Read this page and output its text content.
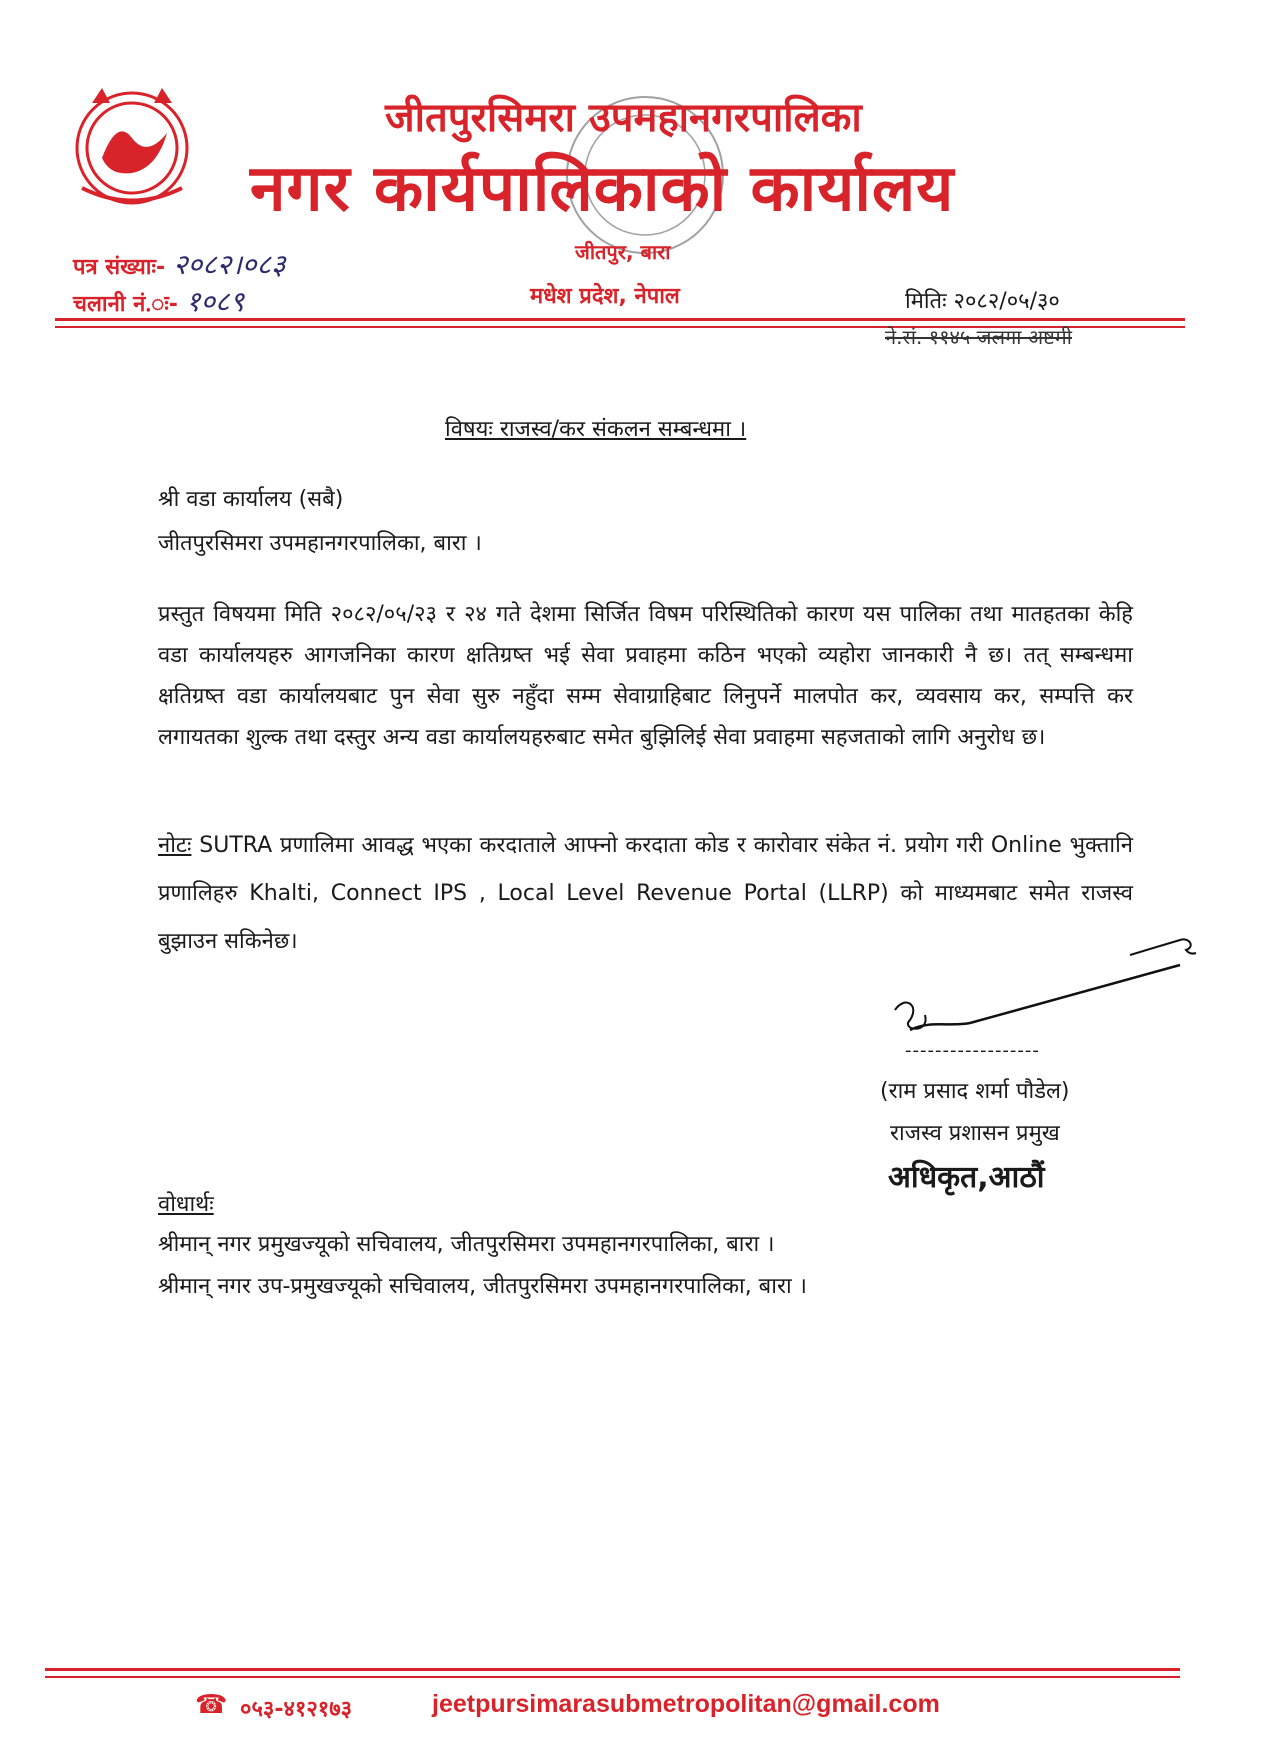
जीतपुरसिमरा उपमहानगरपालिका
नगर कार्यपालिकाको कार्यालय
जीतपुर, बारा
मधेश प्रदेश, नेपाल
पत्र संख्याः- २०८२।०८३
चलानी नं.ः- १०८९	मितिः २०८२/०५/३०
ने.सं. ११४५ जलगा अष्टमी
विषयः राजस्व/कर संकलन सम्बन्धमा ।
श्री वडा कार्यालय (सबै)
जीतपुरसिमरा उपमहानगरपालिका, बारा ।
प्रस्तुत विषयमा मिति २०८२/०५/२३ र २४ गते देशमा सिर्जित विषम परिस्थितिको कारण यस पालिका तथा मातहतका केहि वडा कार्यालयहरु आगजनिका कारण क्षतिग्रष्त भई सेवा प्रवाहमा कठिन भएको व्यहोरा जानकारी नै छ। तत् सम्बन्धमा क्षतिग्रष्त वडा कार्यालयबाट पुन सेवा सुरु नहुँदा सम्म सेवाग्राहिबाट लिनुपर्ने मालपोत कर, व्यवसाय कर, सम्पत्ति कर लगायतका शुल्क तथा दस्तुर अन्य वडा कार्यालयहरुबाट समेत बुझिलिई सेवा प्रवाहमा सहजताको लागि अनुरोध छ।
नोटः SUTRA प्रणालिमा आवद्ध भएका करदाताले आफ्नो करदाता कोड र कारोवार संकेत नं. प्रयोग गरी Online भुक्तानि प्रणालिहरु Khalti, Connect IPS , Local Level Revenue Portal (LLRP) को माध्यमबाट समेत राजस्व बुझाउन सकिनेछ।
------------------
(राम प्रसाद शर्मा पौडेल)
राजस्व प्रशासन प्रमुख
अधिकृत,आठौं
वोधार्थः
श्रीमान् नगर प्रमुखज्यूको सचिवालय, जीतपुरसिमरा उपमहानगरपालिका, बारा ।
श्रीमान् नगर उप-प्रमुखज्यूको सचिवालय, जीतपुरसिमरा उपमहानगरपालिका, बारा ।
☎ ०५३-४१२१७३	jeetpursimarasubmetropolitan@gmail.com
